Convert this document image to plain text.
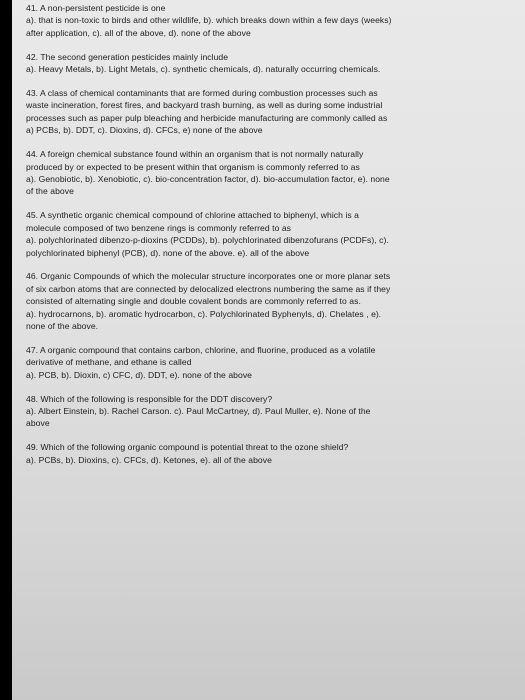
41. A non-persistent pesticide is one

a). that is non-toxic to birds and other wildlife, b). which breaks down within a few days (weeks)

after application, c). all of the above, d). none of the above

42. The second generation pesticides mainly include

a). Heavy Metals, b). Light Metals, c). synthetic chemicals, d). naturally occurring chemicals.

43. A class of chemical contaminants that are formed during combustion processes such as

waste incineration, forest fires, and backyard trash burning, as well as during some industrial

processes such as paper pulp bleaching and herbicide manufacturing are commonly called as

a) PCBs, b). DDT, c). Dioxins, d). CFCs, e) none of the above

44. A foreign chemical substance found within an organism that is not normally naturally

produced by or expected to be present within that organism is commonly referred to as

a). Genobiotic, b). Xenobiotic, c). bio-concentration factor, d). bio-accumulation factor, e). none

of the above

45. A synthetic organic chemical compound of chlorine attached to biphenyl, which is a

molecule composed of two benzene rings is commonly referred to as

a). polychlorinated dibenzo-p-dioxins (PCDDs), b). polychlorinated dibenzofurans (PCDFs), c).

polychlorinated biphenyl (PCB), d). none of the above. e). all of the above

46. Organic Compounds of which the molecular structure incorporates one or more planar sets

of six carbon atoms that are connected by delocalized electrons numbering the same as if they

consisted of alternating single and double covalent bonds are commonly referred to as.

a). hydrocarnons, b). aromatic hydrocarbon, c). Polychlorinated Byphenyls, d). Chelates , e).

none of the above.

47. A organic compound that contains carbon, chlorine, and fluorine, produced as a volatile

derivative of methane, and ethane is called

a). PCB, b). Dioxin, c) CFC, d). DDT, e). none of the above

48. Which of the following is responsible for the DDT discovery?

a). Albert Einstein, b). Rachel Carson. c). Paul McCartney, d). Paul Muller, e). None of the

above

49. Which of the following organic compound is potential threat to the ozone shield?

a). PCBs, b). Dioxins, c). CFCs, d). Ketones, e). all of the above
